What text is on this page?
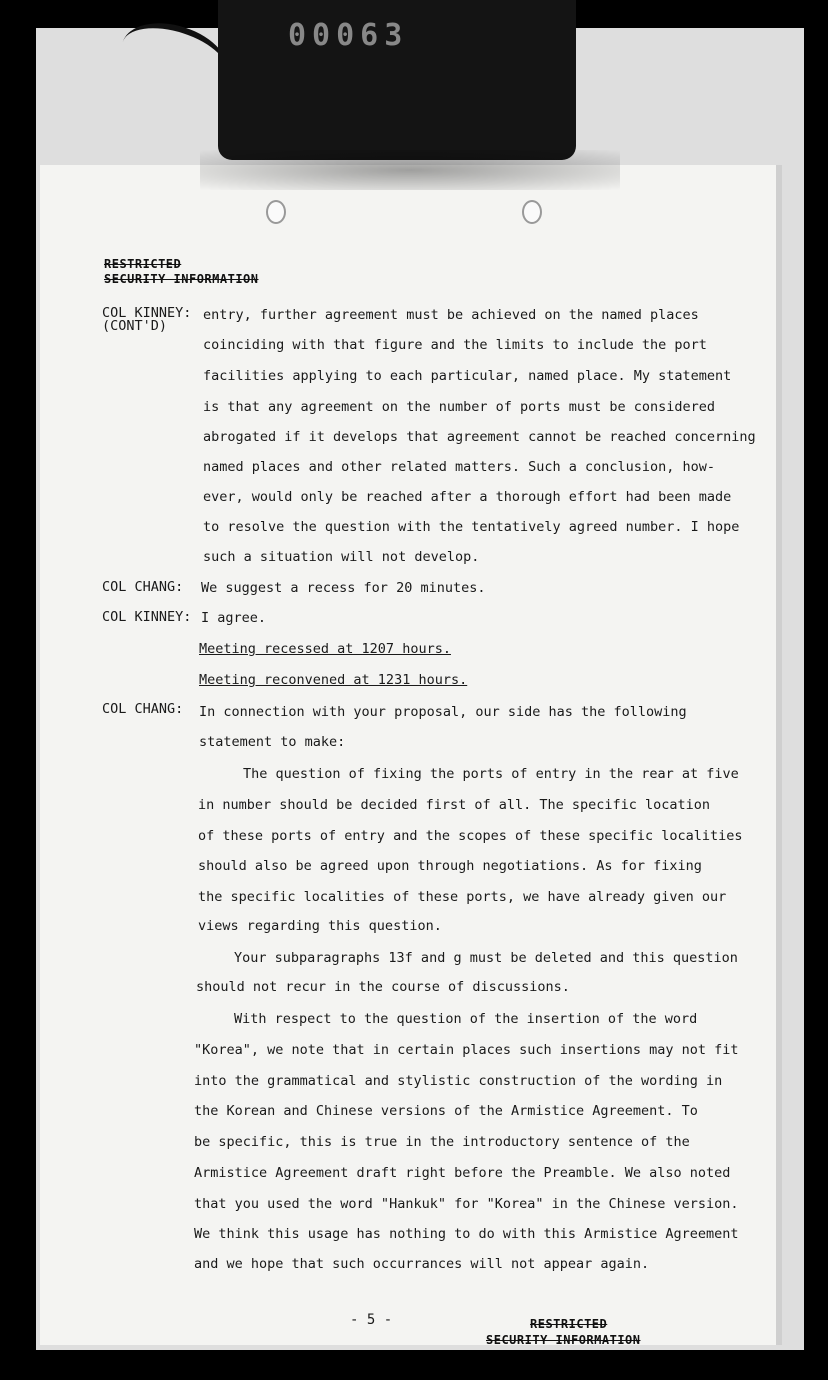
00063
RESTRICTED
SECURITY INFORMATION
COL KINNEY:
(CONT'D)
COL CHANG:
COL KINNEY:
COL CHANG:
entry, further agreement must be achieved on the named places
coinciding with that figure and the limits to include the port
facilities applying to each particular, named place. My statement
is that any agreement on the number of ports must be considered
abrogated if it develops that agreement cannot be reached concerning
named places and other related matters. Such a conclusion, how-
ever, would only be reached after a thorough effort had been made
to resolve the question with the tentatively agreed number. I hope
such a situation will not develop.
We suggest a recess for 20 minutes.
I agree.
Meeting recessed at 1207 hours.
Meeting reconvened at 1231 hours.
In connection with your proposal, our side has the following
statement to make:
The question of fixing the ports of entry in the rear at five
in number should be decided first of all. The specific location
of these ports of entry and the scopes of these specific localities
should also be agreed upon through negotiations. As for fixing
the specific localities of these ports, we have already given our
views regarding this question.
Your subparagraphs 13f and g must be deleted and this question
should not recur in the course of discussions.
With respect to the question of the insertion of the word
"Korea", we note that in certain places such insertions may not fit
into the grammatical and stylistic construction of the wording in
the Korean and Chinese versions of the Armistice Agreement. To
be specific, this is true in the introductory sentence of the
Armistice Agreement draft right before the Preamble. We also noted
that you used the word "Hankuk" for "Korea" in the Chinese version.
We think this usage has nothing to do with this Armistice Agreement
and we hope that such occurrances will not appear again.
- 5 -	RESTRICTED
SECURITY INFORMATION
